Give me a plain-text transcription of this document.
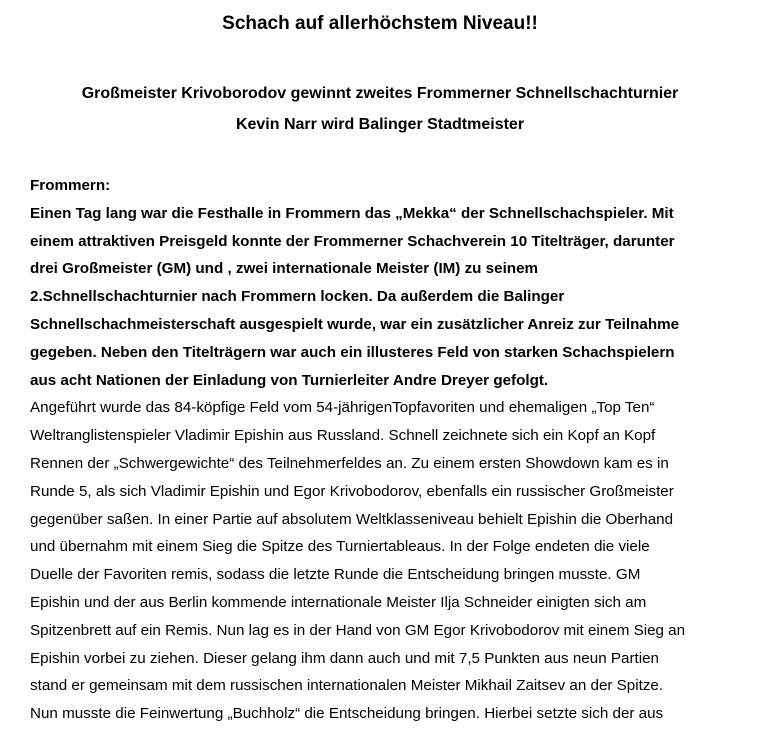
Schach auf allerhöchstem Niveau!!
Großmeister Krivoborodov gewinnt zweites Frommerner Schnellschachturnier
Kevin Narr wird Balinger Stadtmeister
Frommern:
Einen Tag lang war die Festhalle in Frommern das „Mekka“ der Schnellschachspieler. Mit
einem attraktiven Preisgeld konnte der Frommerner Schachverein 10 Titelträger, darunter
drei Großmeister (GM) und , zwei internationale Meister (IM) zu seinem
2.Schnellschachturnier nach Frommern locken. Da außerdem die Balinger
Schnellschachmeisterschaft ausgespielt wurde, war ein zusätzlicher Anreiz zur Teilnahme
gegeben. Neben den Titelträgern war auch ein illusteres Feld von starken Schachspielern
aus acht Nationen der Einladung von Turnierleiter Andre Dreyer gefolgt.
Angeführt wurde das 84-köpfige Feld vom 54-jährigenTopfavoriten und ehemaligen „Top Ten“
Weltranglistenspieler Vladimir Epishin aus Russland. Schnell zeichnete sich ein Kopf an Kopf
Rennen der „Schwergewichte“ des Teilnehmerfeldes an. Zu einem ersten Showdown kam es in
Runde 5, als sich Vladimir Epishin und Egor Krivobodorov, ebenfalls ein russischer Großmeister
gegenüber saßen. In einer Partie auf absolutem Weltklasseniveau behielt Epishin die Oberhand
und übernahm mit einem Sieg die Spitze des Turniertableaus. In der Folge endeten die viele
Duelle der Favoriten remis, sodass die letzte Runde die Entscheidung bringen musste. GM
Epishin und der aus Berlin kommende internationale Meister Ilja Schneider einigten sich am
Spitzenbrett auf ein Remis. Nun lag es in der Hand von GM Egor Krivobodorov mit einem Sieg an
Epishin vorbei zu ziehen. Dieser gelang ihm dann auch und mit 7,5 Punkten aus neun Partien
stand er gemeinsam mit dem russischen internationalen Meister Mikhail Zaitsev an der Spitze.
Nun musste die Feinwertung „Buchholz“ die Entscheidung bringen. Hierbei setzte sich der aus
